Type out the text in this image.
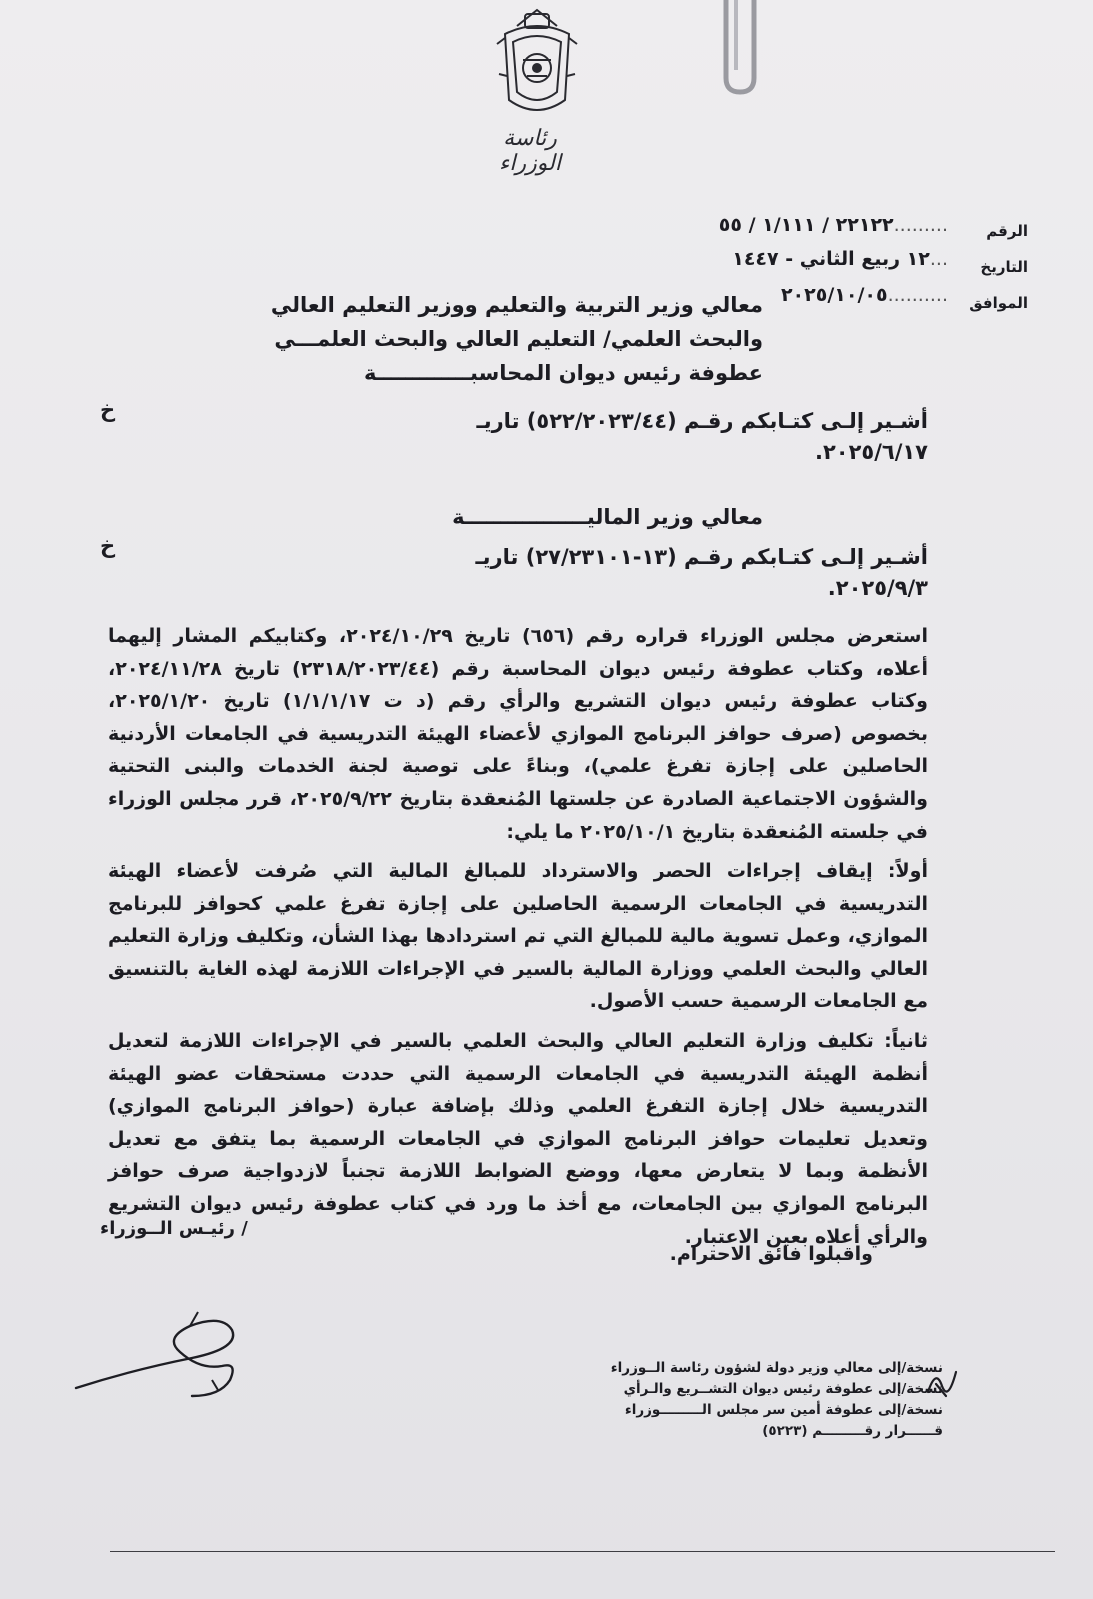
رئاسة الوزراء
الرقم
.........٢٢١٢٢ / ١/١١١ / ٥٥
التاريخ
...١٢ ربيع الثاني - ١٤٤٧
الموافق
..........٢٠٢٥/١٠/٠٥
معالي وزير التربية والتعليم ووزير التعليم العالي
والبحث العلمي/ التعليم العالي والبحث العلمـــي
عطوفة رئيس ديوان المحاسبـــــــــــــة
أشـير إلـى كتـابكم رقـم (٥٢٢/٢٠٢٣/٤٤) تاريـ
خ
٢٠٢٥/٦/١٧.
معالي وزير الماليـــــــــــــــــة
أشـير إلـى كتـابكم رقـم (١٣-٢٧/٢٣١٠١) تاريـ
خ
٢٠٢٥/٩/٣.
استعرض مجلس الوزراء قراره رقم (٦٥٦) تاريخ ٢٠٢٤/١٠/٢٩، وكتابيكم المشار إليهما أعلاه، وكتاب عطوفة رئيس ديوان المحاسبة رقم (٢٣١٨/٢٠٢٣/٤٤) تاريخ ٢٠٢٤/١١/٢٨، وكتاب عطوفة رئيس ديوان التشريع والرأي رقم (د ت ١/١/١/١٧) تاريخ ٢٠٢٥/١/٢٠، بخصوص (صرف حوافز البرنامج الموازي لأعضاء الهيئة التدريسية في الجامعات الأردنية الحاصلين على إجازة تفرغ علمي)، وبناءً على توصية لجنة الخدمات والبنى التحتية والشؤون الاجتماعية الصادرة عن جلستها المُنعقدة بتاريخ ٢٠٢٥/٩/٢٢، قرر مجلس الوزراء في جلسته المُنعقدة بتاريخ ٢٠٢٥/١٠/١ ما يلي:
أولاً: إيقاف إجراءات الحصر والاسترداد للمبالغ المالية التي صُرفت لأعضاء الهيئة التدريسية في الجامعات الرسمية الحاصلين على إجازة تفرغ علمي كحوافز للبرنامج الموازي، وعمل تسوية مالية للمبالغ التي تم استردادها بهذا الشأن، وتكليف وزارة التعليم العالي والبحث العلمي ووزارة المالية بالسير في الإجراءات اللازمة لهذه الغاية بالتنسيق مع الجامعات الرسمية حسب الأصول.
ثانياً: تكليف وزارة التعليم العالي والبحث العلمي بالسير في الإجراءات اللازمة لتعديل أنظمة الهيئة التدريسية في الجامعات الرسمية التي حددت مستحقات عضو الهيئة التدريسية خلال إجازة التفرغ العلمي وذلك بإضافة عبارة (حوافز البرنامج الموازي) وتعديل تعليمات حوافز البرنامج الموازي في الجامعات الرسمية بما يتفق مع تعديل الأنظمة وبما لا يتعارض معها، ووضع الضوابط اللازمة تجنباً لازدواجية صرف حوافز البرنامج الموازي بين الجامعات، مع أخذ ما ورد في كتاب عطوفة رئيس ديوان التشريع والرأي أعلاه بعين الاعتبار.
واقبلوا فائق الاحترام.
/ رئيـس الــوزراء
نسخة/إلى معالي وزير دولة لشؤون رئاسة الــوزراء
نسخة/إلى عطوفة رئيس ديوان التشــريع والـرأي
نسخة/إلى عطوفة أمين سر مجلس الـــــــــوزراء
قــــــرار رقـــــــــم (٥٢٢٣)
